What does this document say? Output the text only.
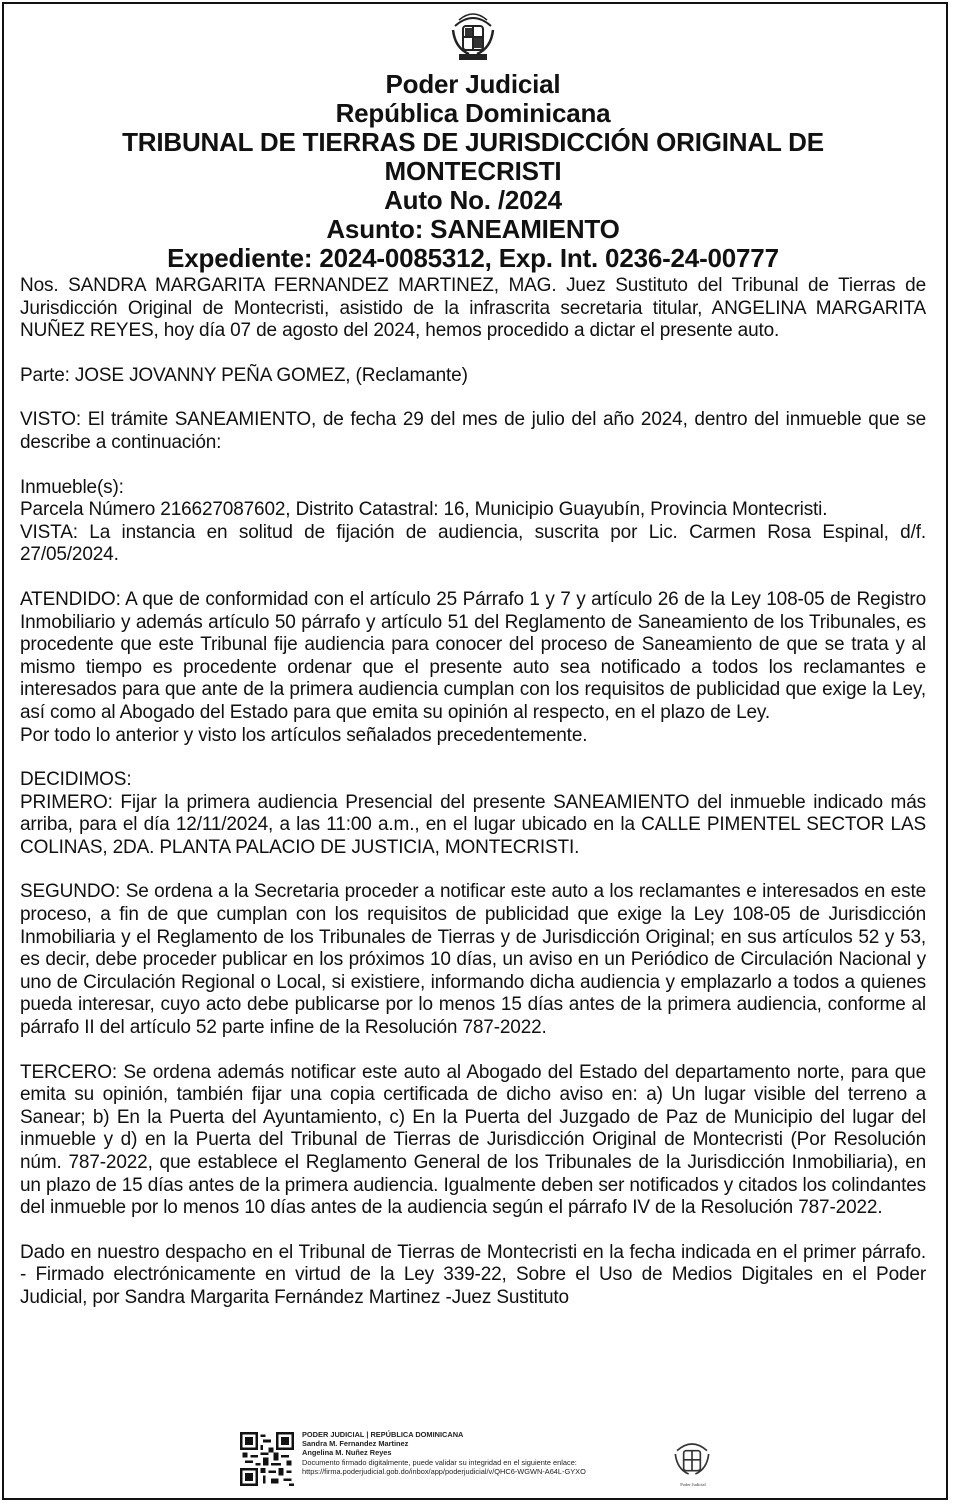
Poder Judicial
República Dominicana
TRIBUNAL DE TIERRAS DE JURISDICCIÓN ORIGINAL DE
MONTECRISTI
Auto No. /2024
Asunto: SANEAMIENTO
Expediente: 2024-0085312, Exp. Int. 0236-24-00777

Nos. SANDRA MARGARITA FERNANDEZ MARTINEZ, MAG. Juez Sustituto del Tribunal de Tierras de Jurisdicción Original de Montecristi, asistido de la infrascrita secretaria titular, ANGELINA MARGARITA NUÑEZ REYES, hoy día 07 de agosto del 2024, hemos procedido a dictar el presente auto.

Parte: JOSE JOVANNY PEÑA GOMEZ, (Reclamante)

VISTO: El trámite SANEAMIENTO, de fecha 29 del mes de julio del año 2024, dentro del inmueble que se describe a continuación:

Inmueble(s):

Parcela Número 216627087602, Distrito Catastral: 16, Municipio Guayubín, Provincia Montecristi.

VISTA: La instancia en solitud de fijación de audiencia, suscrita por Lic. Carmen Rosa Espinal, d/f. 27/05/2024.

ATENDIDO: A que de conformidad con el artículo 25 Párrafo 1 y 7 y artículo 26 de la Ley 108-05 de Registro Inmobiliario y además artículo 50 párrafo y artículo 51 del Reglamento de Saneamiento de los Tribunales, es procedente que este Tribunal fije audiencia para conocer del proceso de Saneamiento de que se trata y al mismo tiempo es procedente ordenar que el presente auto sea notificado a todos los reclamantes e interesados para que ante de la primera audiencia cumplan con los requisitos de publicidad que exige la Ley, así como al Abogado del Estado para que emita su opinión al respecto, en el plazo de Ley.

Por todo lo anterior y visto los artículos señalados precedentemente.

DECIDIMOS:

PRIMERO: Fijar la primera audiencia Presencial del presente SANEAMIENTO del inmueble indicado más arriba, para el día 12/11/2024, a las 11:00 a.m., en el lugar ubicado en la CALLE PIMENTEL SECTOR LAS COLINAS, 2DA. PLANTA PALACIO DE JUSTICIA, MONTECRISTI.

SEGUNDO: Se ordena a la Secretaria proceder a notificar este auto a los reclamantes e interesados en este proceso, a fin de que cumplan con los requisitos de publicidad que exige la Ley 108-05 de Jurisdicción Inmobiliaria y el Reglamento de los Tribunales de Tierras y de Jurisdicción Original; en sus artículos 52 y 53, es decir, debe proceder publicar en los próximos 10 días, un aviso en un Periódico de Circulación Nacional y uno de Circulación Regional o Local, si existiere, informando dicha audiencia y emplazarlo a todos a quienes pueda interesar, cuyo acto debe publicarse por lo menos 15 días antes de la primera audiencia, conforme al párrafo II del artículo 52 parte infine de la Resolución 787-2022.

TERCERO: Se ordena además notificar este auto al Abogado del Estado del departamento norte, para que emita su opinión, también fijar una copia certificada de dicho aviso en: a) Un lugar visible del terreno a Sanear; b) En la Puerta del Ayuntamiento, c) En la Puerta del Juzgado de Paz de Municipio del lugar del inmueble y d) en la Puerta del Tribunal de Tierras de Jurisdicción Original de Montecristi (Por Resolución núm. 787-2022, que establece el Reglamento General de los Tribunales de la Jurisdicción Inmobiliaria), en un plazo de 15 días antes de la primera audiencia. Igualmente deben ser notificados y citados los colindantes del inmueble por lo menos 10 días antes de la audiencia según el párrafo IV de la Resolución 787-2022.

Dado en nuestro despacho en el Tribunal de Tierras de Montecristi en la fecha indicada en el primer párrafo. - Firmado electrónicamente en virtud de la Ley 339-22, Sobre el Uso de Medios Digitales en el Poder Judicial, por Sandra Margarita Fernández Martinez -Juez Sustituto

PODER JUDICIAL | REPÚBLICA DOMINICANA
Sandra M. Fernandez Martinez
Angelina M. Nuñez Reyes
Documento firmado digitalmente, puede validar su integridad en el siguiente enlace:
https://firma.poderjudicial.gob.do/inbox/app/poderjudicial/v/QHC6-WGWN-A64L-GYXO
Poder Judicial
